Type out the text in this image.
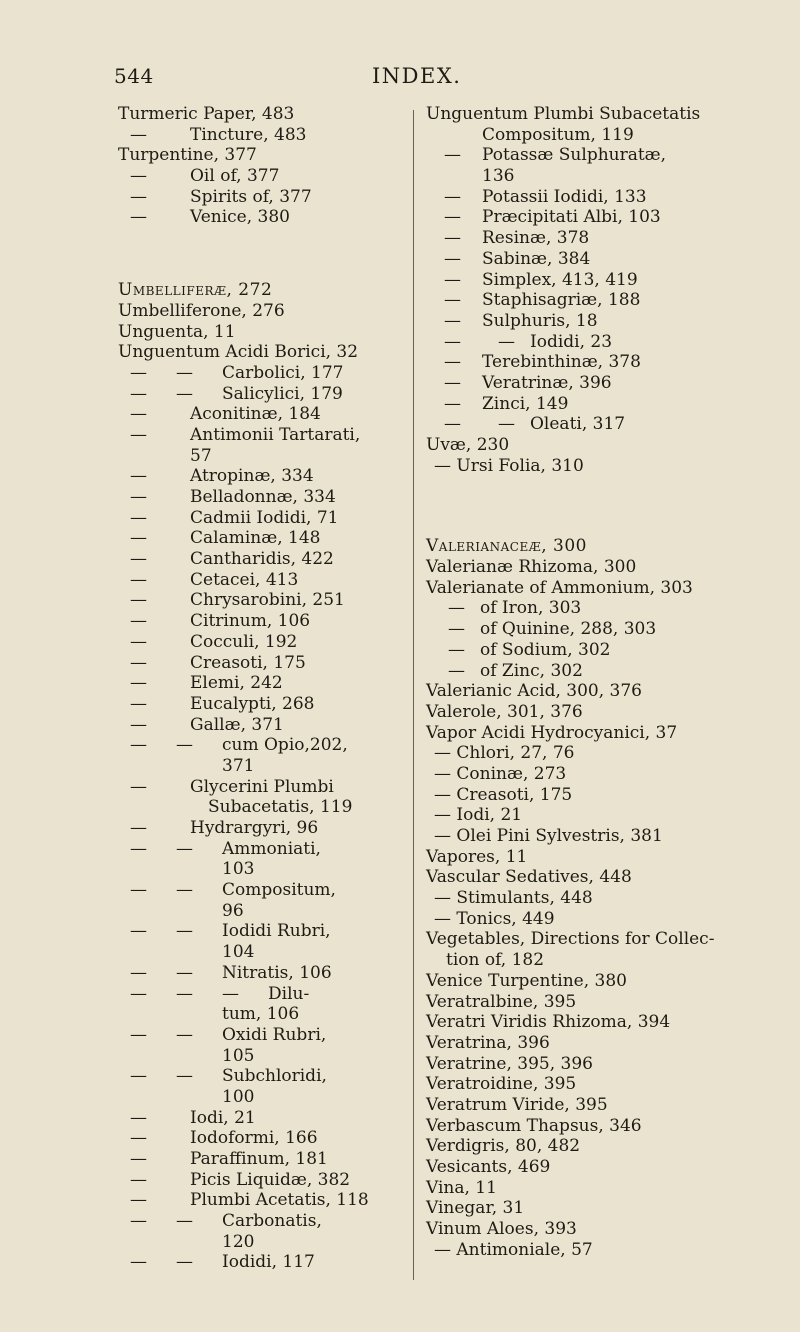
544	INDEX.
Turmeric Paper, 483
—	Tincture, 483
Turpentine, 377
—	Oil of, 377
—	Spirits of, 377
—	Venice, 380
Umbelliferæ, 272
Umbelliferone, 276
Unguenta, 11
Unguentum Acidi Borici, 32
— — Carbolici, 177
— — Salicylici, 179
—	Aconitinæ, 184
—	Antimonii Tartarati,
57
—	Atropinæ, 334
—	Belladonnæ, 334
—	Cadmii Iodidi, 71
—	Calaminæ, 148
—	Cantharidis, 422
—	Cetacei, 413
—	Chrysarobini, 251
—	Citrinum, 106
—	Cocculi, 192
—	Creasoti, 175
—	Elemi, 242
—	Eucalypti, 268
—	Gallæ, 371
— — cum Opio,202,
371
—	Glycerini Plumbi
Subacetatis, 119
—	Hydrargyri, 96
— — Ammoniati,
103
— — Compositum,
96
— — Iodidi Rubri,
104
— — Nitratis, 106
— — — Dilu-
tum, 106
— — Oxidi Rubri,
105
— — Subchloridi,
100
—	Iodi, 21
—	Iodoformi, 166
—	Paraffinum, 181
—	Picis Liquidæ, 382
—	Plumbi Acetatis, 118
— — Carbonatis,
120
— — Iodidi, 117
Unguentum Plumbi Subacetatis
Compositum, 119
— Potassæ Sulphuratæ,
136
— Potassii Iodidi, 133
— Præcipitati Albi, 103
— Resinæ, 378
— Sabinæ, 384
— Simplex, 413, 419
— Staphisagriæ, 188
— Sulphuris, 18
— — Iodidi, 23
— Terebinthinæ, 378
— Veratrinæ, 396
— Zinci, 149
— — Oleati, 317
Uvæ, 230
— Ursi Folia, 310
Valerianaceæ, 300
Valerianæ Rhizoma, 300
Valerianate of Ammonium, 303
— of Iron, 303
— of Quinine, 288, 303
— of Sodium, 302
— of Zinc, 302
Valerianic Acid, 300, 376
Valerole, 301, 376
Vapor Acidi Hydrocyanici, 37
— Chlori, 27, 76
— Coninæ, 273
— Creasoti, 175
— Iodi, 21
— Olei Pini Sylvestris, 381
Vapores, 11
Vascular Sedatives, 448
— Stimulants, 448
— Tonics, 449
Vegetables, Directions for Collec-
tion of, 182
Venice Turpentine, 380
Veratralbine, 395
Veratri Viridis Rhizoma, 394
Veratrina, 396
Veratrine, 395, 396
Veratroidine, 395
Veratrum Viride, 395
Verbascum Thapsus, 346
Verdigris, 80, 482
Vesicants, 469
Vina, 11
Vinegar, 31
Vinum Aloes, 393
— Antimoniale, 57
